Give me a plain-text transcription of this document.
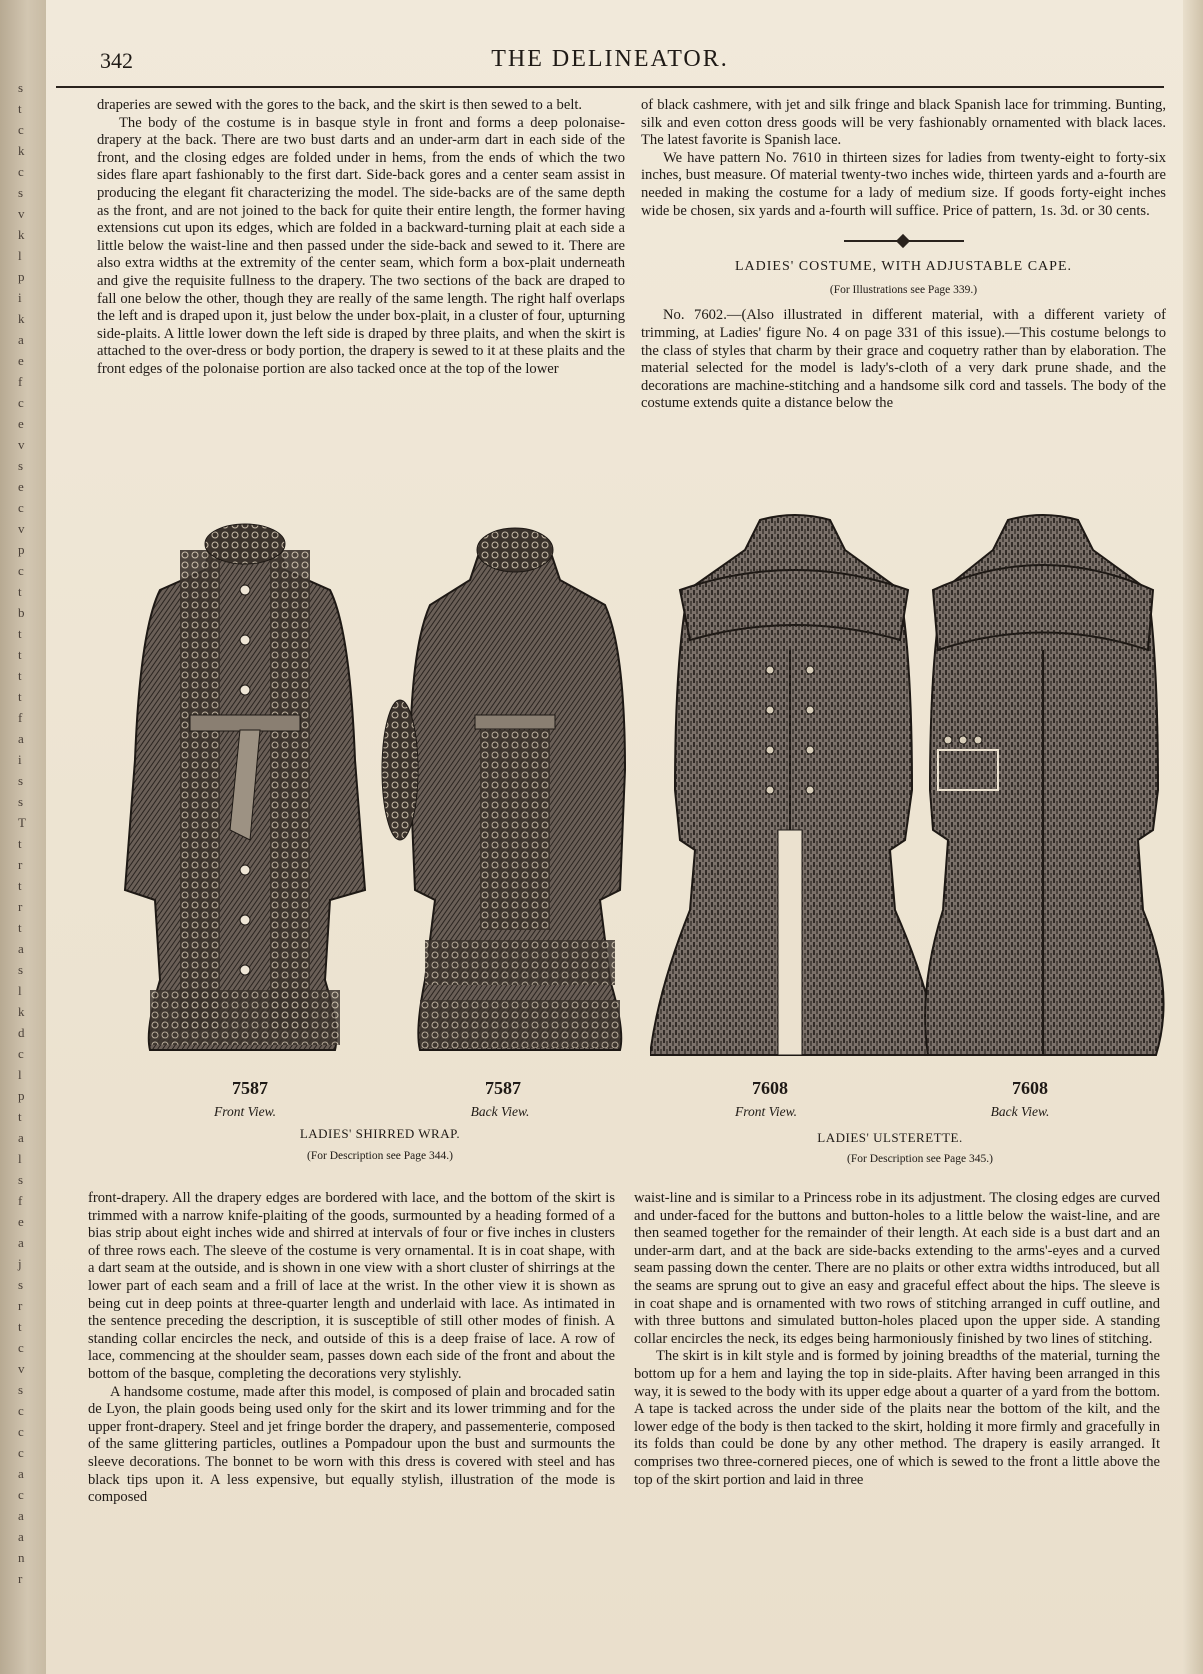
s
t
c
k
c
s
v
k
l
p
i
k
a
e
f
c
e
v
s
e
c
v
p
c
t
b
t
t
t
t
f
a
i
s
s
T
t
r
t
r
t
a
s
l
k
d
c
l
p
t
a
l
s
f
e
a
j
s
r
t
c
v
s
c
c
c
a
c
a
a
n
r
342	THE DELINEATOR.

draperies are sewed with the gores to the back, and the skirt is then sewed to a belt.

The body of the costume is in basque style in front and forms a deep polonaise-drapery at the back. There are two bust darts and an under-arm dart in each side of the front, and the closing edges are folded under in hems, from the ends of which the two sides flare apart fashionably to the first dart. Side-back gores and a center seam assist in producing the elegant fit characterizing the model. The side-backs are of the same depth as the front, and are not joined to the back for quite their entire length, the former having extensions cut upon its edges, which are folded in a backward-turning plait at each side a little below the waist-line and then passed under the side-back and sewed to it. There are also extra widths at the extremity of the center seam, which form a box-plait underneath and give the requisite fullness to the drapery. The two sections of the back are draped to fall one below the other, though they are really of the same length. The right half overlaps the left and is draped upon it, just below the under box-plait, in a cluster of four, upturning side-plaits. A little lower down the left side is draped by three plaits, and when the skirt is attached to the over-dress or body portion, the drapery is sewed to it at these plaits and the front edges of the polonaise portion are also tacked once at the top of the lower

of black cashmere, with jet and silk fringe and black Spanish lace for trimming. Bunting, silk and even cotton dress goods will be very fashionably ornamented with black laces. The latest favorite is Spanish lace.

We have pattern No. 7610 in thirteen sizes for ladies from twenty-eight to forty-six inches, bust measure. Of material twenty-two inches wide, thirteen yards and a-fourth are needed in making the costume for a lady of medium size. If goods forty-eight inches wide be chosen, six yards and a-fourth will suffice. Price of pattern, 1s. 3d. or 30 cents.

LADIES' COSTUME, WITH ADJUSTABLE CAPE.
(For Illustrations see Page 339.)

No. 7602.—(Also illustrated in different material, with a different variety of trimming, at Ladies' figure No. 4 on page 331 of this issue).—This costume belongs to the class of styles that charm by their grace and coquetry rather than by elaboration. The material selected for the model is lady's-cloth of a very dark prune shade, and the decorations are machine-stitching and a handsome silk cord and tassels. The body of the costume extends quite a distance below the

7587
Front View.
7587
Back View.
7608
Front View.
7608
Back View.
LADIES' SHIRRED WRAP.
(For Description see Page 344.)
LADIES' ULSTERETTE.
(For Description see Page 345.)

front-drapery. All the drapery edges are bordered with lace, and the bottom of the skirt is trimmed with a narrow knife-plaiting of the goods, surmounted by a heading formed of a bias strip about eight inches wide and shirred at intervals of four or five inches in clusters of three rows each. The sleeve of the costume is very ornamental. It is in coat shape, with a dart seam at the outside, and is shown in one view with a short cluster of shirrings at the lower part of each seam and a frill of lace at the wrist. In the other view it is shown as being cut in deep points at three-quarter length and underlaid with lace. As intimated in the sentence preceding the description, it is susceptible of still other modes of finish. A standing collar encircles the neck, and outside of this is a deep fraise of lace. A row of lace, commencing at the shoulder seam, passes down each side of the front and about the bottom of the basque, completing the decorations very stylishly.

A handsome costume, made after this model, is composed of plain and brocaded satin de Lyon, the plain goods being used only for the skirt and its lower trimming and for the upper front-drapery. Steel and jet fringe border the drapery, and passementerie, composed of the same glittering particles, outlines a Pompadour upon the bust and surmounts the sleeve decorations. The bonnet to be worn with this dress is covered with steel and has black tips upon it. A less expensive, but equally stylish, illustration of the mode is composed

waist-line and is similar to a Princess robe in its adjustment. The closing edges are curved and under-faced for the buttons and button-holes to a little below the waist-line, and are then seamed together for the remainder of their length. At each side is a bust dart and an under-arm dart, and at the back are side-backs extending to the arms'-eyes and a curved seam passing down the center. There are no plaits or other extra widths introduced, but all the seams are sprung out to give an easy and graceful effect about the hips. The sleeve is in coat shape and is ornamented with two rows of stitching arranged in cuff outline, and with three buttons and simulated button-holes placed upon the upper side. A standing collar encircles the neck, its edges being harmoniously finished by two lines of stitching.

The skirt is in kilt style and is formed by joining breadths of the material, turning the bottom up for a hem and laying the top in side-plaits. After having been arranged in this way, it is sewed to the body with its upper edge about a quarter of a yard from the bottom. A tape is tacked across the under side of the plaits near the bottom of the kilt, and the lower edge of the body is then tacked to the skirt, holding it more firmly and gracefully in its folds than could be done by any other method. The drapery is easily arranged. It comprises two three-cornered pieces, one of which is sewed to the front a little above the top of the skirt portion and laid in three
